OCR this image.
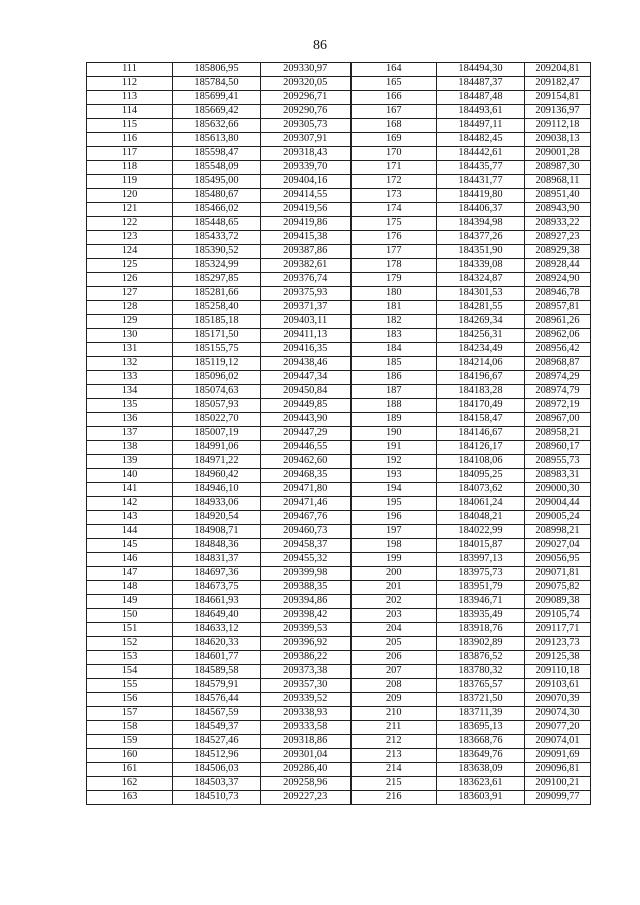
86
111	185806,95	209330,97	164	184494,30	209204,81
112	185784,50	209320,05	165	184487,37	209182,47
113	185699,41	209296,71	166	184487,48	209154,81
114	185669,42	209290,76	167	184493,61	209136,97
115	185632,66	209305,73	168	184497,11	209112,18
116	185613,80	209307,91	169	184482,45	209038,13
117	185598,47	209318,43	170	184442,61	209001,28
118	185548,09	209339,70	171	184435,77	208987,30
119	185495,00	209404,16	172	184431,77	208968,11
120	185480,67	209414,55	173	184419,80	208951,40
121	185466,02	209419,56	174	184406,37	208943,90
122	185448,65	209419,86	175	184394,98	208933,22
123	185433,72	209415,38	176	184377,26	208927,23
124	185390,52	209387,86	177	184351,90	208929,38
125	185324,99	209382,61	178	184339,08	208928,44
126	185297,85	209376,74	179	184324,87	208924,90
127	185281,66	209375,93	180	184301,53	208946,78
128	185258,40	209371,37	181	184281,55	208957,81
129	185185,18	209403,11	182	184269,34	208961,26
130	185171,50	209411,13	183	184256,31	208962,06
131	185155,75	209416,35	184	184234,49	208956,42
132	185119,12	209438,46	185	184214,06	208968,87
133	185096,02	209447,34	186	184196,67	208974,29
134	185074,63	209450,84	187	184183,28	208974,79
135	185057,93	209449,85	188	184170,49	208972,19
136	185022,70	209443,90	189	184158,47	208967,00
137	185007,19	209447,29	190	184146,67	208958,21
138	184991,06	209446,55	191	184126,17	208960,17
139	184971,22	209462,60	192	184108,06	208955,73
140	184960,42	209468,35	193	184095,25	208983,31
141	184946,10	209471,80	194	184073,62	209000,30
142	184933,06	209471,46	195	184061,24	209004,44
143	184920,54	209467,76	196	184048,21	209005,24
144	184908,71	209460,73	197	184022,99	208998,21
145	184848,36	209458,37	198	184015,87	209027,04
146	184831,37	209455,32	199	183997,13	209056,95
147	184697,36	209399,98	200	183975,73	209071,81
148	184673,75	209388,35	201	183951,79	209075,82
149	184661,93	209394,86	202	183946,71	209089,38
150	184649,40	209398,42	203	183935,49	209105,74
151	184633,12	209399,53	204	183918,76	209117,71
152	184620,33	209396,92	205	183902,89	209123,73
153	184601,77	209386,22	206	183876,52	209125,38
154	184589,58	209373,38	207	183780,32	209110,18
155	184579,91	209357,30	208	183765,57	209103,61
156	184576,44	209339,52	209	183721,50	209070,39
157	184567,59	209338,93	210	183711,39	209074,30
158	184549,37	209333,58	211	183695,13	209077,20
159	184527,46	209318,86	212	183668,76	209074,01
160	184512,96	209301,04	213	183649,76	209091,69
161	184506,03	209286,40	214	183638,09	209096,81
162	184503,37	209258,96	215	183623,61	209100,21
163	184510,73	209227,23	216	183603,91	209099,77
